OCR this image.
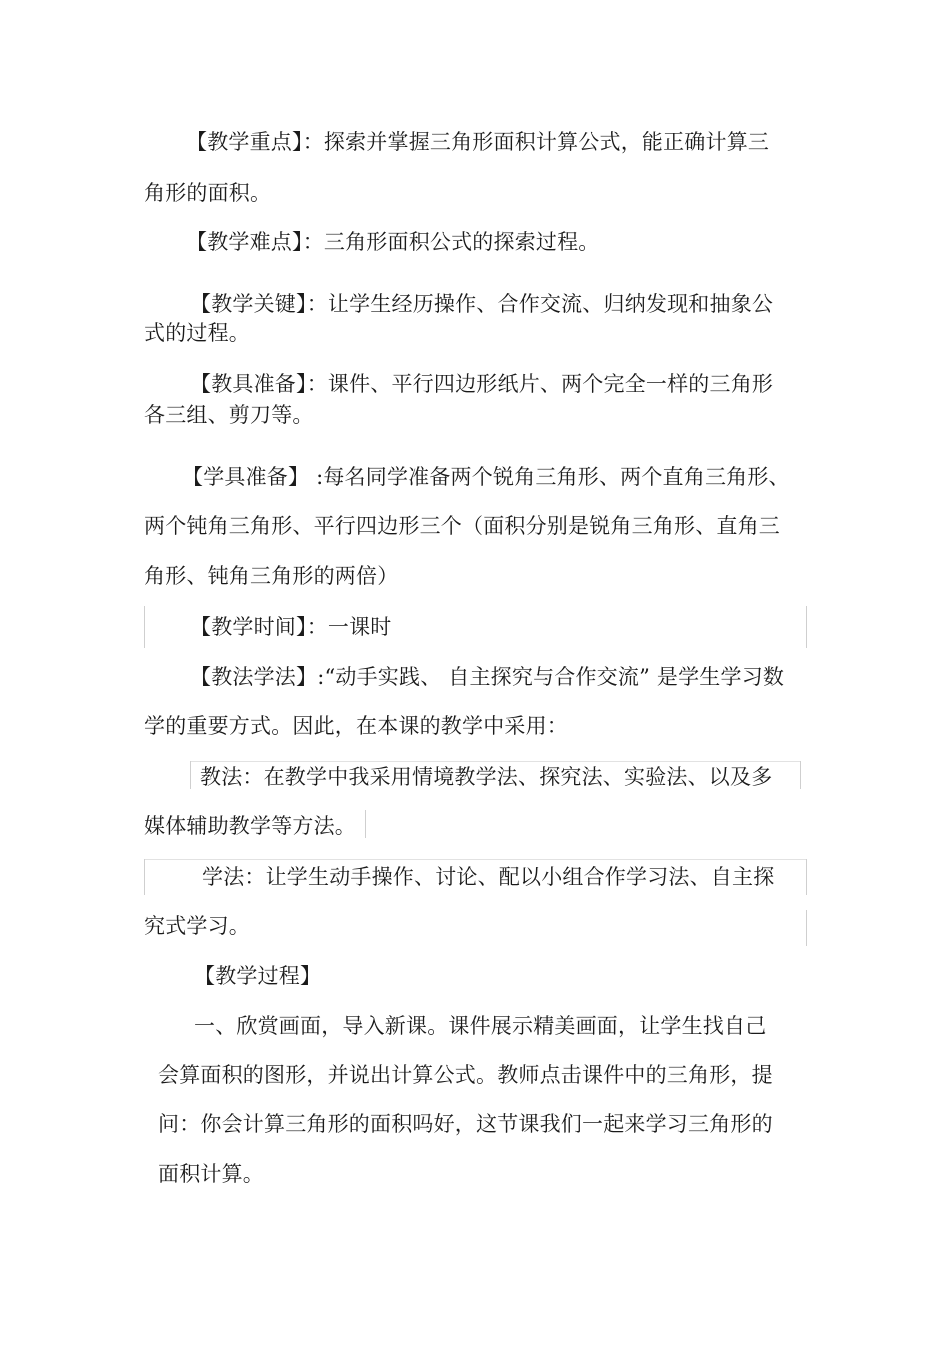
【教学重点】：探索并掌握三角形面积计算公式，能正确计算三
角形的面积。
【教学难点】：三角形面积公式的探索过程。
【教学关键】：让学生经历操作、合作交流、归纳发现和抽象公
式的过程。
【教具准备】：课件、平行四边形纸片、两个完全一样的三角形
各三组、剪刀等。
【学具准备】 :每名同学准备两个锐角三角形、两个直角三角形、
两个钝角三角形、平行四边形三个（面积分别是锐角三角形、直角三
角形、钝角三角形的两倍）
【教学时间】：一课时
【教法学法】:“动手实践、 自主探究与合作交流” 是学生学习数
学的重要方式。因此，在本课的教学中采用：
教法：在教学中我采用情境教学法、探究法、实验法、以及多
媒体辅助教学等方法。
学法：让学生动手操作、讨论、配以小组合作学习法、自主探
究式学习。
【教学过程】
一、欣赏画面，导入新课。课件展示精美画面，让学生找自己
会算面积的图形，并说出计算公式。教师点击课件中的三角形，提
问：你会计算三角形的面积吗好，这节课我们一起来学习三角形的
面积计算。
